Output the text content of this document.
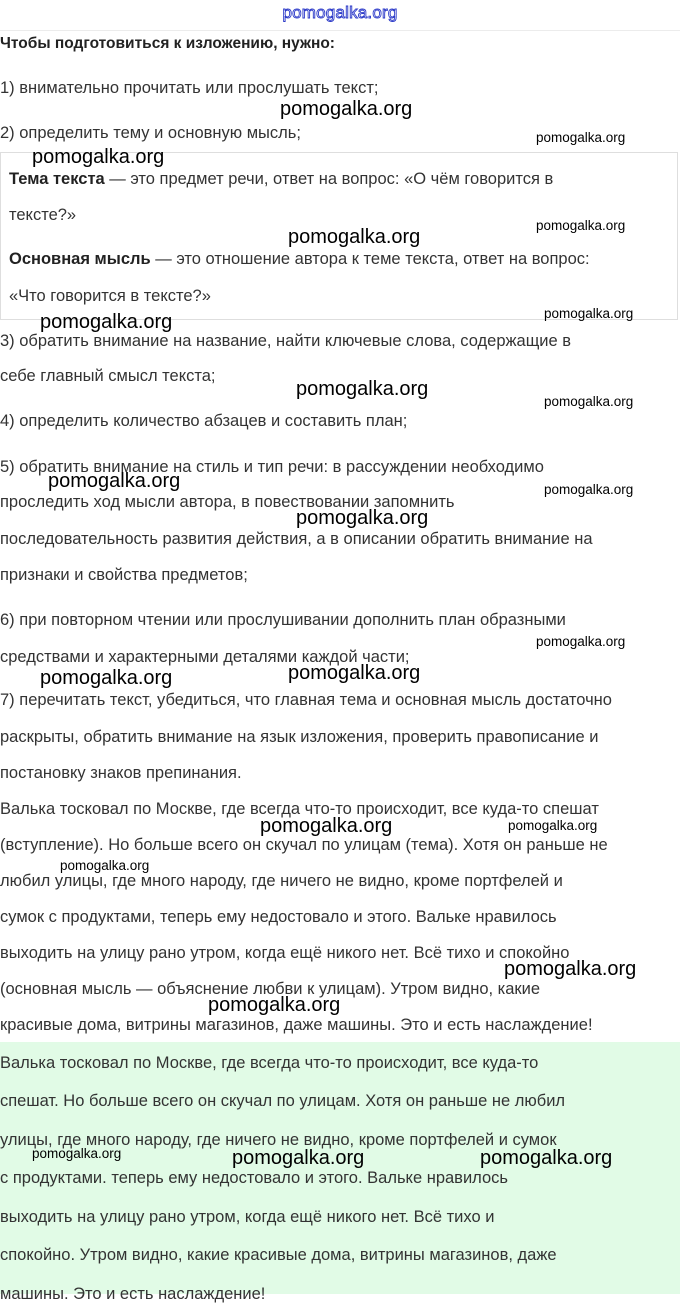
pomogalka.org
Чтобы подготовиться к изложению, нужно:
1) внимательно прочитать или прослушать текст;
2) определить тему и основную мысль;
Тема текста — это предмет речи, ответ на вопрос: «О чём говорится в
тексте?»
Основная мысль — это отношение автора к теме текста, ответ на вопрос:
«Что говорится в тексте?»
3) обратить внимание на название, найти ключевые слова, содержащие в
себе главный смысл текста;
4) определить количество абзацев и составить план;
5) обратить внимание на стиль и тип речи: в рассуждении необходимо
проследить ход мысли автора, в повествовании запомнить
последовательность развития действия, а в описании обратить внимание на
признаки и свойства предметов;
6) при повторном чтении или прослушивании дополнить план образными
средствами и характерными деталями каждой части;
7) перечитать текст, убедиться, что главная тема и основная мысль достаточно
раскрыты, обратить внимание на язык изложения, проверить правописание и
постановку знаков препинания.
Валька тосковал по Москве, где всегда что-то происходит, все куда-то спешат
(вступление). Но больше всего он скучал по улицам (тема). Хотя он раньше не
любил улицы, где много народу, где ничего не видно, кроме портфелей и
сумок с продуктами, теперь ему недостовало и этого. Вальке нравилось
выходить на улицу рано утром, когда ещё никого нет. Всё тихо и спокойно
(основная мысль — объяснение любви к улицам). Утром видно, какие
красивые дома, витрины магазинов, даже машины. Это и есть наслаждение!
Валька тосковал по Москве, где всегда что-то происходит, все куда-то
спешат. Но больше всего он скучал по улицам. Хотя он раньше не любил
улицы, где много народу, где ничего не видно, кроме портфелей и сумок
с продуктами. теперь ему недостовало и этого. Вальке нравилось
выходить на улицу рано утром, когда ещё никого нет. Всё тихо и
спокойно. Утром видно, какие красивые дома, витрины магазинов, даже
машины. Это и есть наслаждение!
pomogalka.org
pomogalka.org
pomogalka.org
pomogalka.org
pomogalka.org
pomogalka.org
pomogalka.org
pomogalka.org
pomogalka.org
pomogalka.org	pomogalka.org
pomogalka.org
pomogalka.org
pomogalka.org
pomogalka.org
pomogalka.org	pomogalka.org
pomogalka.org
pomogalka.org
pomogalka.org
pomogalka.org	pomogalka.org	pomogalka.org
